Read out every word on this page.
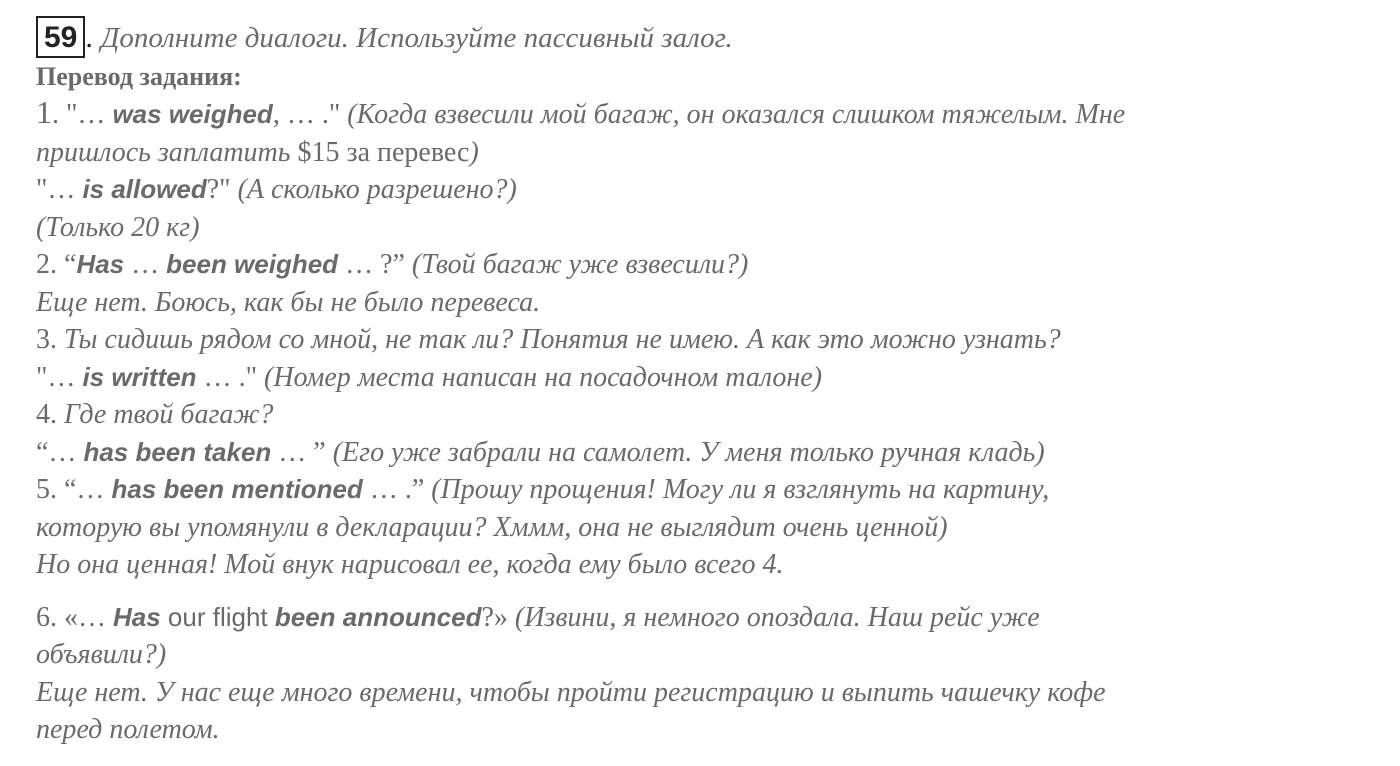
59 . Дополните диалоги. Используйте пассивный залог.
Перевод задания:
1. "… was weighed, … ." (Когда взвесили мой багаж, он оказался слишком тяжелым. Мне
пришлось заплатить $15 за перевес)
"… is allowed?" (А сколько разрешено?)
(Только 20 кг)
2. “Has … been weighed … ?” (Твой багаж уже взвесили?)
Еще нет. Боюсь, как бы не было перевеса.
3. Ты сидишь рядом со мной, не так ли? Понятия не имею. А как это можно узнать?
"… is written … ." (Номер места написан на посадочном талоне)
4. Где твой багаж?
“… has been taken … ” (Его уже забрали на самолет. У меня только ручная кладь)
5. “… has been mentioned … .” (Прошу прощения! Могу ли я взглянуть на картину,
которую вы упомянули в декларации? Хммм, она не выглядит очень ценной)
Но она ценная! Мой внук нарисовал ее, когда ему было всего 4.
6. «… Has our flight been announced?» (Извини, я немного опоздала. Наш рейс уже
объявили?)
Еще нет. У нас еще много времени, чтобы пройти регистрацию и выпить чашечку кофе
перед полетом.
